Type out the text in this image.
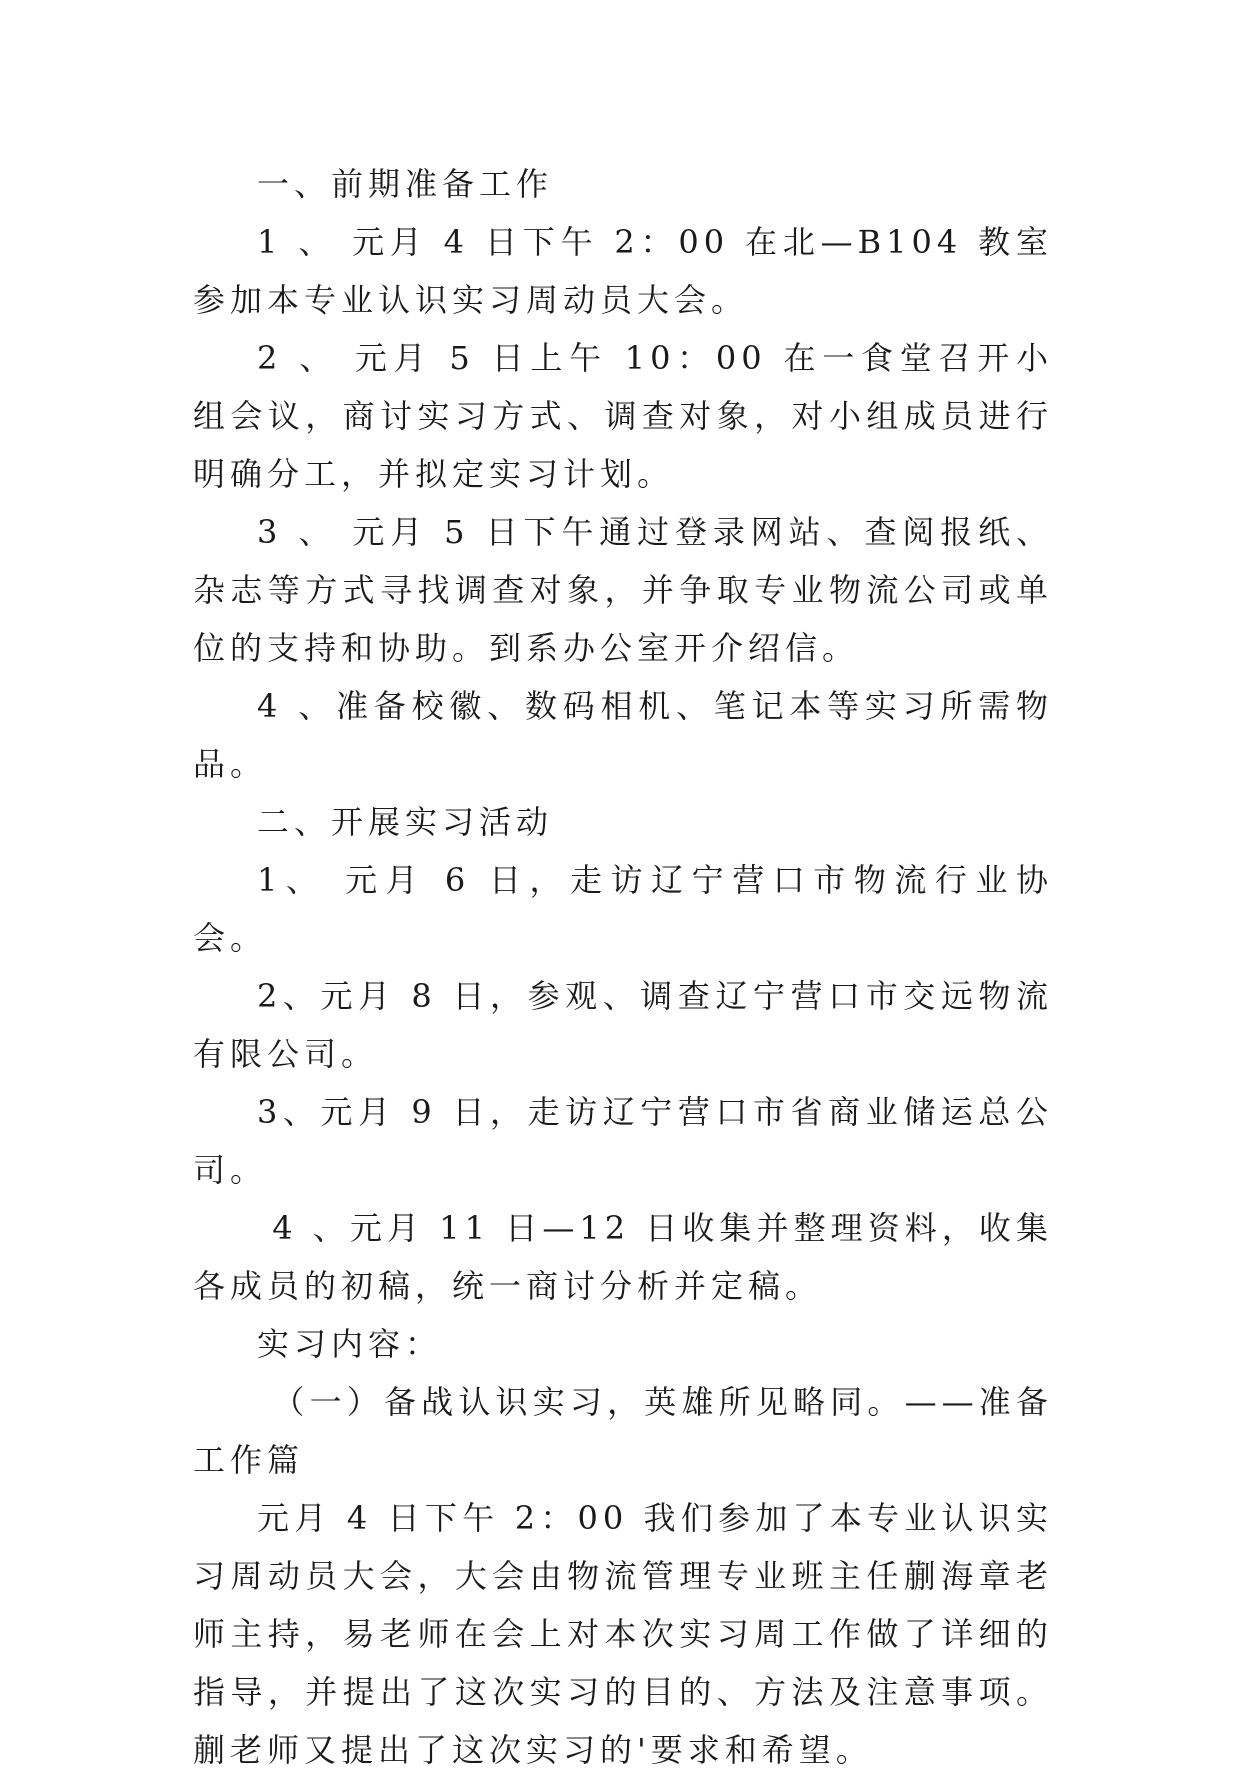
一、前期准备工作

1 、 元月 4 日下午 2：00 在北—B104 教室参加本专业认识实习周动员大会。

2 、 元月 5 日上午 10：00 在一食堂召开小组会议，商讨实习方式、调查对象，对小组成员进行明确分工，并拟定实习计划。

3 、 元月 5 日下午通过登录网站、查阅报纸、杂志等方式寻找调查对象，并争取专业物流公司或单位的支持和协助。到系办公室开介绍信。

4 、准备校徽、数码相机、笔记本等实习所需物品。

二、开展实习活动

1、 元月 6 日，走访辽宁营口市物流行业协会。

2、元月 8 日，参观、调查辽宁营口市交远物流有限公司。

3、元月 9 日，走访辽宁营口市省商业储运总公司。

4 、元月 11 日—12 日收集并整理资料，收集各成员的初稿，统一商讨分析并定稿。

实习内容：

（一）备战认识实习，英雄所见略同。——准备工作篇

元月 4 日下午 2：00 我们参加了本专业认识实习周动员大会，大会由物流管理专业班主任蒯海章老师主持，易老师在会上对本次实习周工作做了详细的指导，并提出了这次实习的目的、方法及注意事项。蒯老师又提出了这次实习的'要求和希望。
